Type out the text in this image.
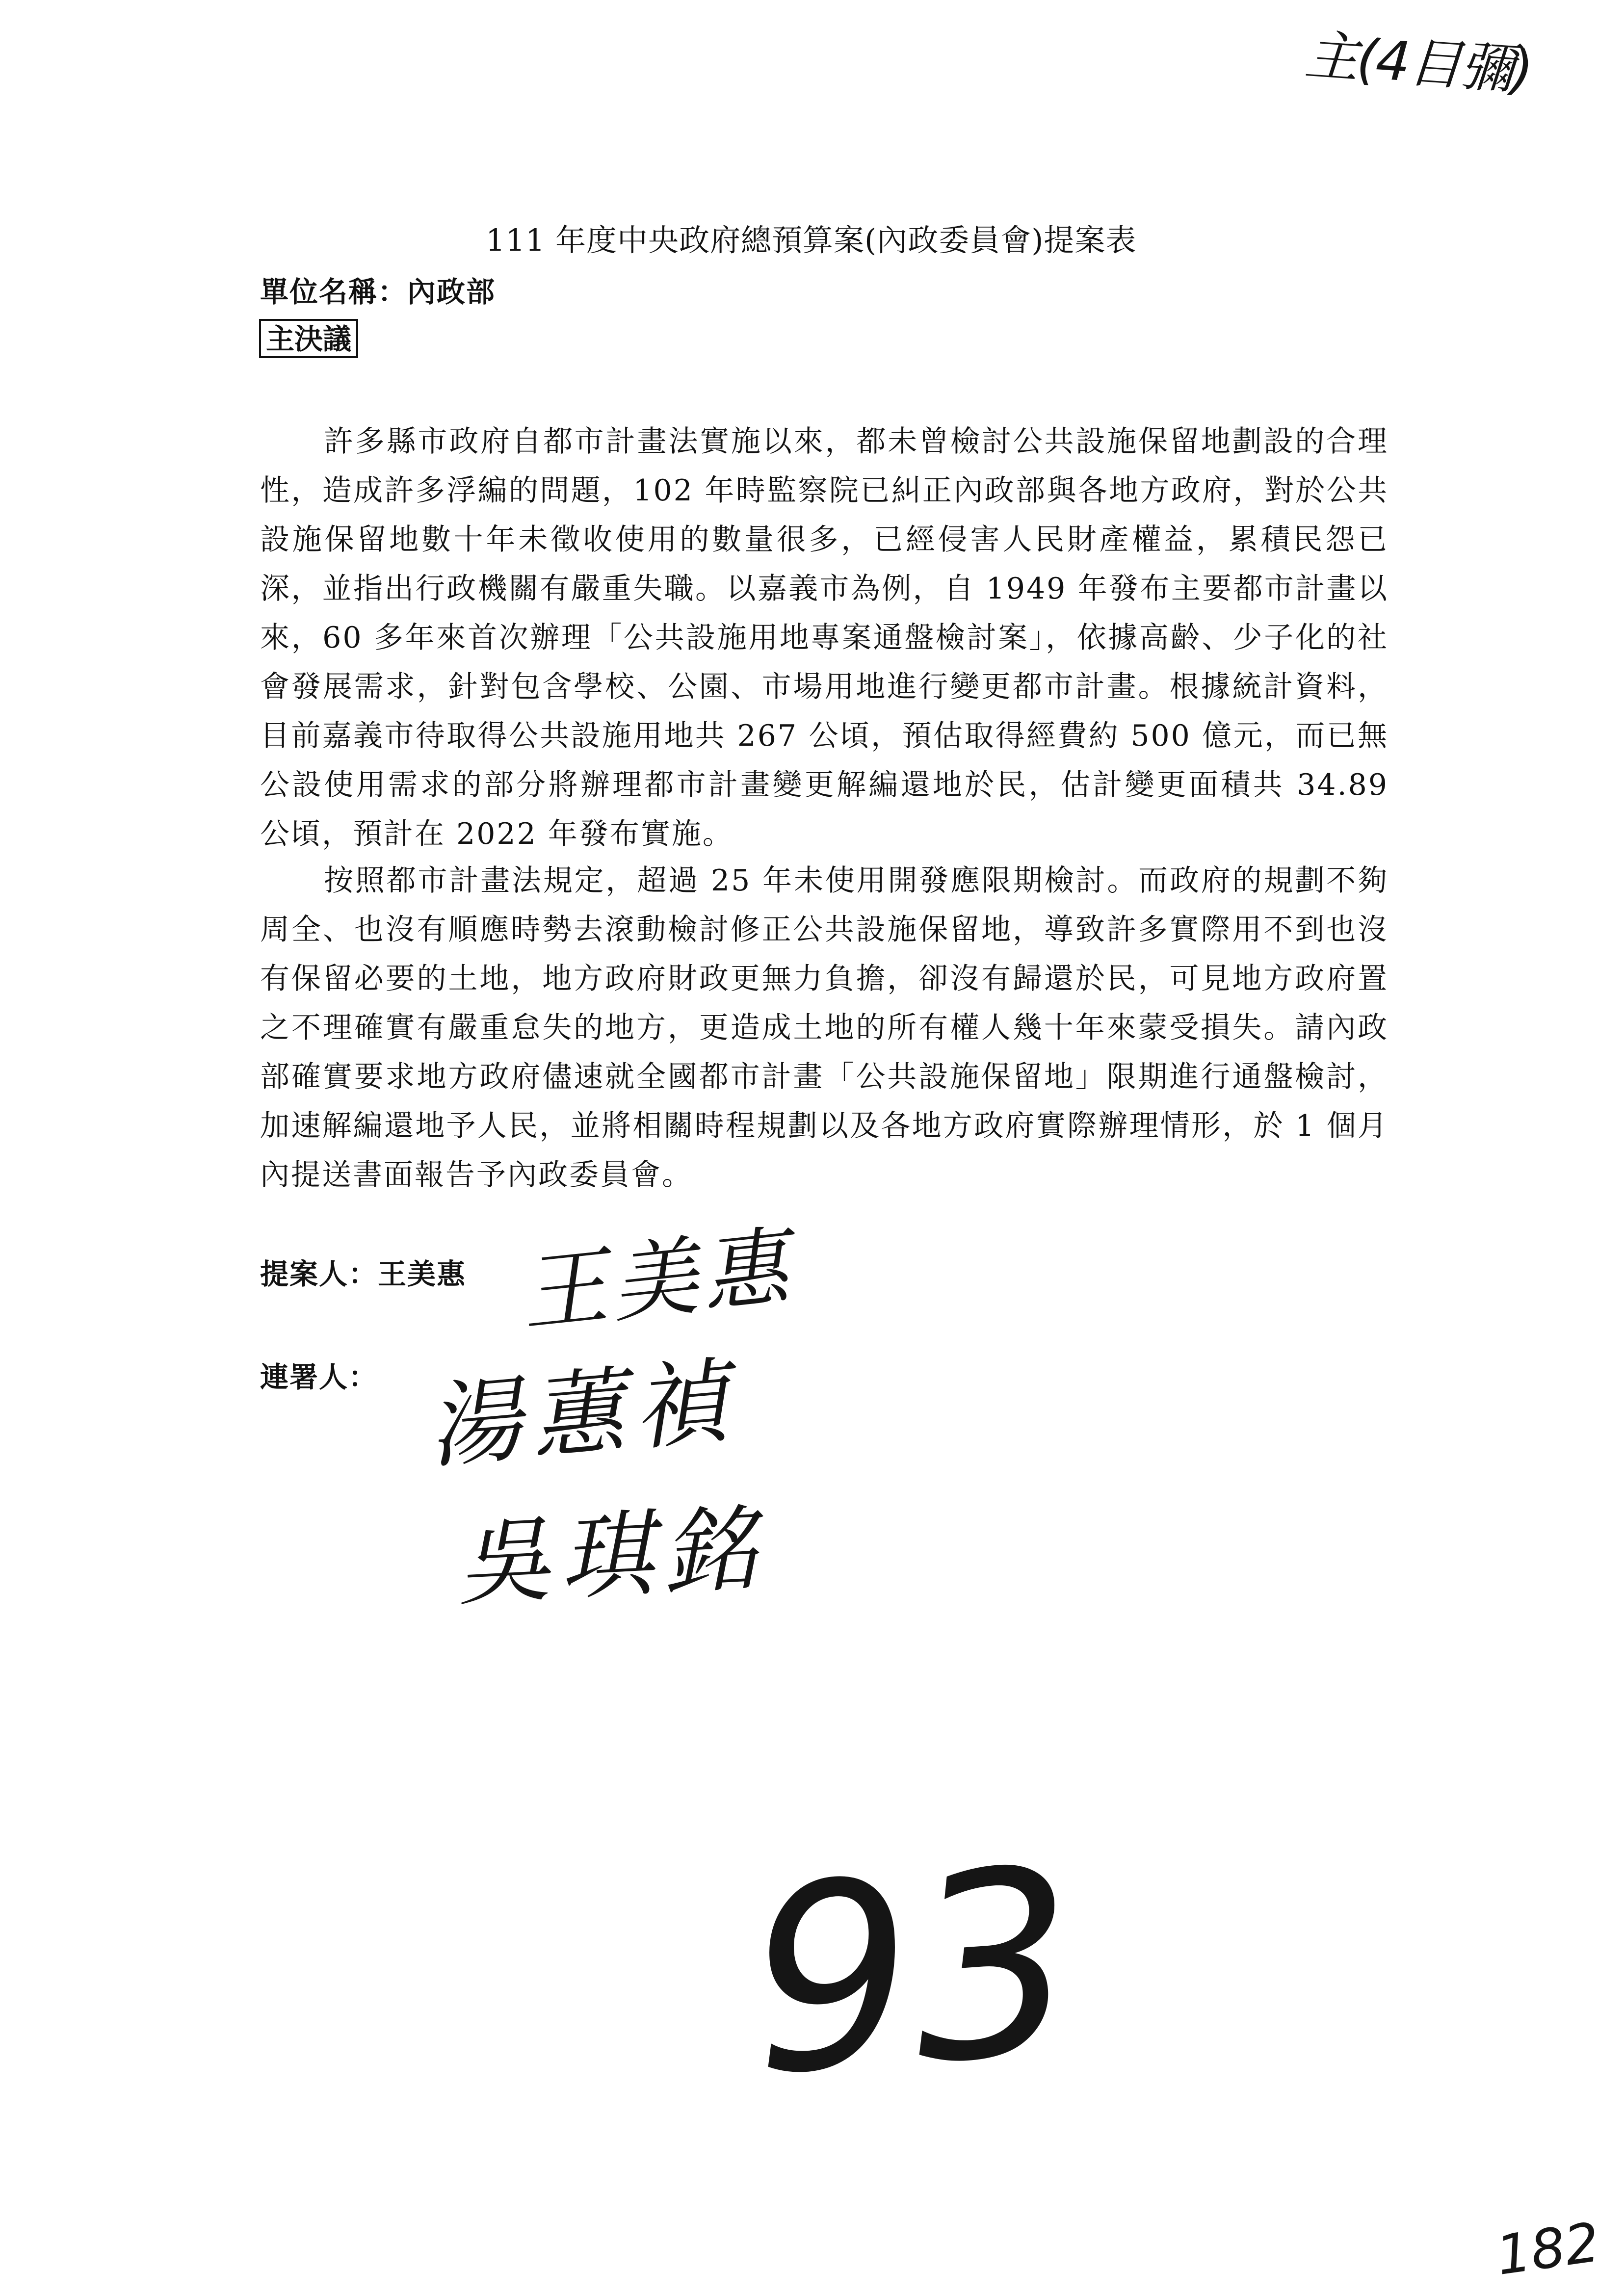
主(4目彌)
111 年度中央政府總預算案(內政委員會)提案表
單位名稱：內政部
主決議

許多縣市政府自都市計畫法實施以來，都未曾檢討公共設施保留地劃設的合理性，造成許多浮編的問題，102 年時監察院已糾正內政部與各地方政府，對於公共設施保留地數十年未徵收使用的數量很多，已經侵害人民財產權益，累積民怨已深，並指出行政機關有嚴重失職。以嘉義市為例，自 1949 年發布主要都市計畫以來，60 多年來首次辦理「公共設施用地專案通盤檢討案」，依據高齡、少子化的社會發展需求，針對包含學校、公園、市場用地進行變更都市計畫。根據統計資料，目前嘉義市待取得公共設施用地共 267 公頃，預估取得經費約 500 億元，而已無公設使用需求的部分將辦理都市計畫變更解編還地於民，估計變更面積共 34.89 公頃，預計在 2022 年發布實施。

按照都市計畫法規定，超過 25 年未使用開發應限期檢討。而政府的規劃不夠周全、也沒有順應時勢去滾動檢討修正公共設施保留地，導致許多實際用不到也沒有保留必要的土地，地方政府財政更無力負擔，卻沒有歸還於民，可見地方政府置之不理確實有嚴重怠失的地方，更造成土地的所有權人幾十年來蒙受損失。請內政部確實要求地方政府儘速就全國都市計畫「公共設施保留地」限期進行通盤檢討，加速解編還地予人民，並將相關時程規劃以及各地方政府實際辦理情形，於 1 個月內提送書面報告予內政委員會。

提案人：王美惠 王美惠
連署人： 湯蕙禎
吳琪銘
93
182
